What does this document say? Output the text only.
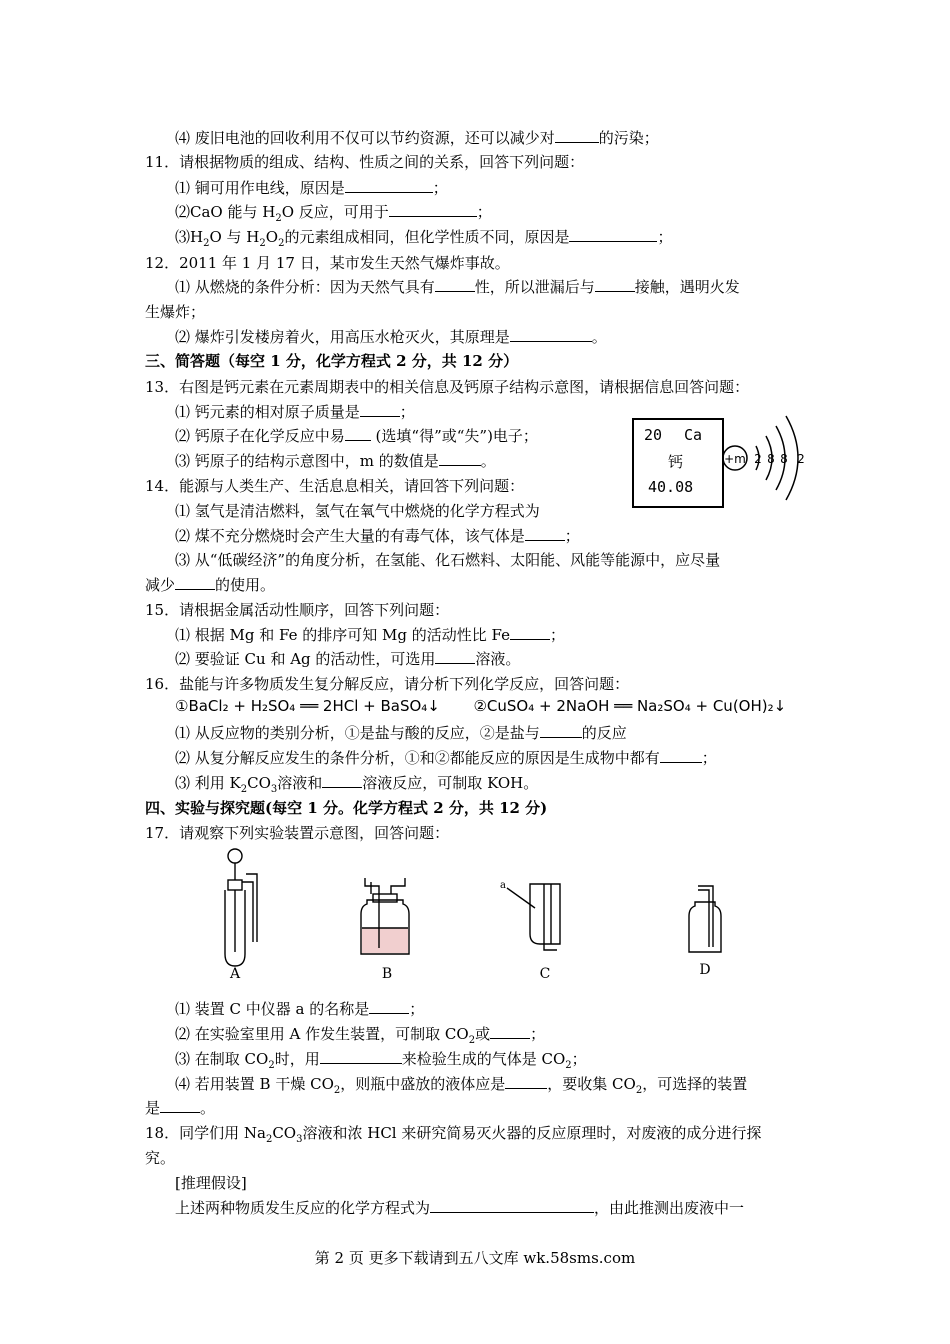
⑷ 废旧电池的回收利用不仅可以节约资源，还可以减少对	的污染；
11．请根据物质的组成、结构、性质之间的关系，回答下列问题：
⑴ 铜可用作电线，原因是	；
⑵CaO 能与 $H_2O$ 反应，可用于	；
$⑶H_2O$ 与 $H_2O_2$的元素组成相同，但化学性质不同，原因是	；
12．2011 年 1 月 17 日，某市发生天然气爆炸事故。
⑴ 从燃烧的条件分析：因为天然气具有	性，所以泄漏后与	接触，遇明火发
生爆炸；
⑵ 爆炸引发楼房着火，用高压水枪灭火，其原理是	。
三、简答题（每空 1 分，化学方程式 2 分，共 12 分）
13．右图是钙元素在元素周期表中的相关信息及钙原子结构示意图，请根据信息回答问题：
⑴ 钙元素的相对原子质量是	；
⑵ 钙原子在化学反应中易 (选填“得”或“失”)电子；
⑶ 钙原子的结构示意图中，m 的数值是	。
20 Ca
钙
40.08
+m 2 8 8 2
14．能源与人类生产、生活息息相关，请回答下列问题：
⑴ 氢气是清洁燃料，氢气在氧气中燃烧的化学方程式为
⑵ 煤不充分燃烧时会产生大量的有毒气体，该气体是	；
⑶ 从“低碳经济”的角度分析，在氢能、化石燃料、太阳能、风能等能源中，应尽量
减少	的使用。
15．请根据金属活动性顺序，回答下列问题：
⑴ 根据 Mg 和 Fe 的排序可知 Mg 的活动性比 Fe	；
⑵ 要验证 Cu 和 Ag 的活动性，可选用	溶液。
16．盐能与许多物质发生复分解反应，请分析下列化学反应，回答问题：
①BaCl₂ + H₂SO₄ ══ 2HCl + BaSO₄↓ ②CuSO₄ + 2NaOH ══ Na₂SO₄ + Cu(OH)₂↓
⑴ 从反应物的类别分析，①是盐与酸的反应，②是盐与	的反应
⑵ 从复分解反应发生的条件分析，①和②都能反应的原因是生成物中都有	；
⑶ 利用 $K_2CO_3$溶液和	溶液反应，可制取 KOH。
四、实验与探究题(每空 1 分。化学方程式 2 分，共 12 分)
17．请观察下列实验装置示意图，回答问题：
A	B	C	D
a
⑴ 装置 C 中仪器 a 的名称是	；
⑵ 在实验室里用 A 作发生装置，可制取 $CO_2$或	；
⑶ 在制取 $CO_2$时，用	来检验生成的气体是 $CO_2$；
⑷ 若用装置 B 干燥 $CO_2$，则瓶中盛放的液体应是	，要收集 $CO_2$，可选择的装置
是	。
18．同学们用 $Na_2CO_3$溶液和浓 HCl 来研究简易灭火器的反应原理时，对废液的成分进行探
究。
[推理假设]
上述两种物质发生反应的化学方程式为	，由此推测出废液中一
第 2 页 更多下载请到五八文库 wk.58sms.com
